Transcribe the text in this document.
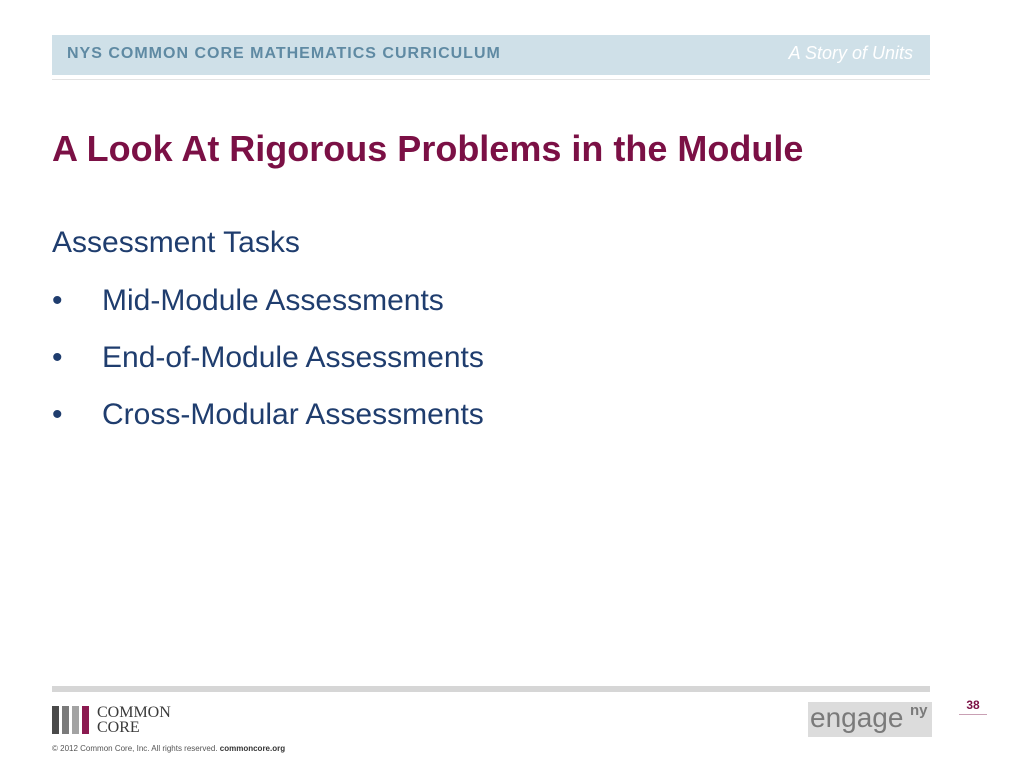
NYS COMMON CORE MATHEMATICS CURRICULUM	A Story of Units
A Look At Rigorous Problems in the Module
Assessment Tasks
•	Mid-Module Assessments
•	End-of-Module Assessments
•	Cross-Modular Assessments
COMMON
CORE
© 2012 Common Core, Inc. All rights reserved. commoncore.org
engage ny	38
